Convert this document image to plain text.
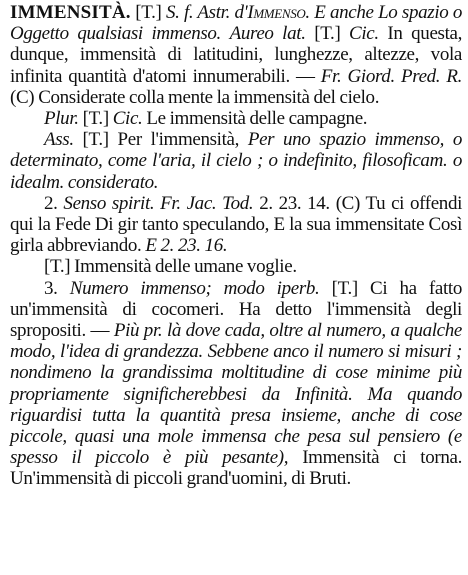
IMMENSITÀ. [T.] S. f. Astr. d'Immenso. E anche Lo spazio o Oggetto qualsiasi immenso. Aureo lat. [T.] Cic. In questa, dunque, immensità di latitudini, lunghezze, altezze, vola infinita quantità d'atomi innumerabili. — Fr. Giord. Pred. R. (C) Considerate colla mente la immensità del cielo.

Plur. [T.] Cic. Le immensità delle campagne.

Ass. [T.] Per l'immensità, Per uno spazio immenso, o determinato, come l'aria, il cielo ; o indefinito, filosoficam. o idealm. considerato.

2. Senso spirit. Fr. Jac. Tod. 2. 23. 14. (C) Tu ci offendi qui la Fede Di gir tanto speculando, E la sua immensitate Così girla abbreviando. E 2. 23. 16.

[T.] Immensità delle umane voglie.

3. Numero immenso; modo iperb. [T.] Ci ha fatto un'immensità di cocomeri. Ha detto l'immensità degli spropositi. — Più pr. là dove cada, oltre al numero, a qualche modo, l'idea di grandezza. Sebbene anco il numero si misuri ; nondimeno la grandissima moltitudine di cose minime più propriamente significherebbesi da Infinità. Ma quando riguardisi tutta la quantità presa insieme, anche di cose piccole, quasi una mole immensa che pesa sul pensiero (e spesso il piccolo è più pesante), Immensità ci torna. Un'immensità di piccoli grand'uomini, di Bruti.
